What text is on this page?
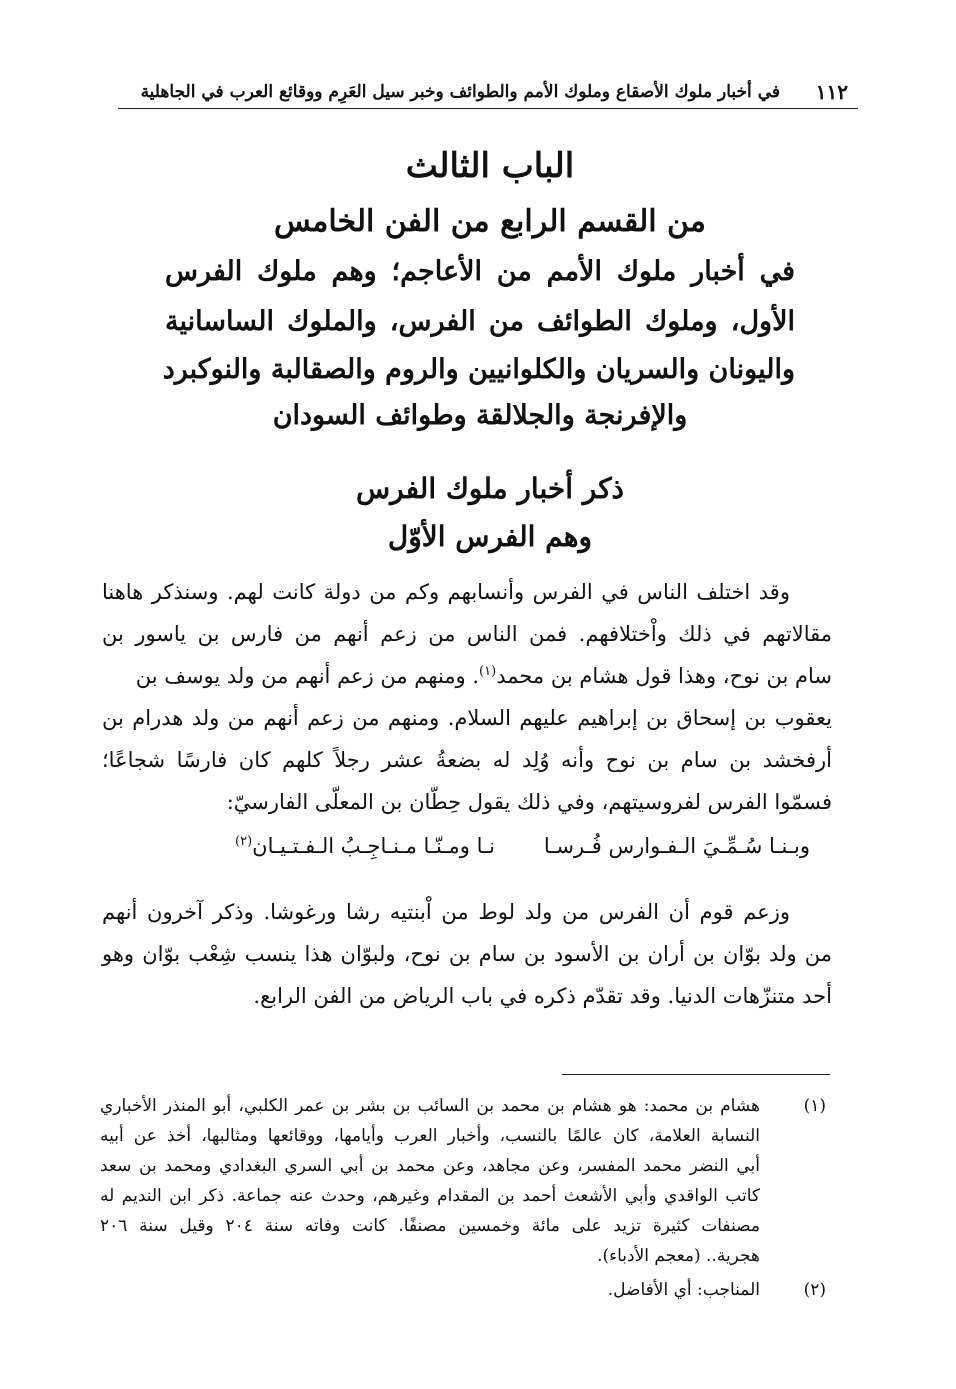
١١٢
في أخبار ملوك الأصقاع وملوك الأمم والطوائف وخبر سيل العَرِم ووقائع العرب في الجاهلية
الباب الثالث
من القسم الرابع من الفن الخامس
في أخبار ملوك الأمم من الأعاجم؛ وهم ملوك الفرس
الأول، وملوك الطوائف من الفرس، والملوك الساسانية
واليونان والسريان والكلوانيين والروم والصقالبة والنوكبرد
والإفرنجة والجلالقة وطوائف السودان
ذكر أخبار ملوك الفرس
وهم الفرس الأوّل
وقد اختلف الناس في الفرس وأنسابهم وكم من دولة كانت لهم. وسنذكر هاهنا
مقالاتهم في ذلك واْختلافهم. فمن الناس من زعم أنهم من فارس بن ياسور بن
سام بن نوح، وهذا قول هشام بن محمد$^{(١)}$. ومنهم من زعم أنهم من ولد يوسف بن
يعقوب بن إسحاق بن إبراهيم عليهم السلام. ومنهم من زعم أنهم من ولد هدرام بن
أرفخشد بن سام بن نوح وأنه وُلِد له بضعةُ عشر رجلاً كلهم كان فارسًا شجاعًا؛
فسمّوا الفرس لفروسيتهم، وفي ذلك يقول حِطّان بن المعلّى الفارسيّ:
وبـنـا سُـمِّـيَ الـفـوارس فُـرسـا
نـا ومـنّـا مـنـاجِـبُ الـفـتـيـان$^{(٢)}$
وزعم قوم أن الفرس من ولد لوط من اْبنتيه رشا ورغوشا. وذكر آخرون أنهم
من ولد بوّان بن أران بن الأسود بن سام بن نوح، ولبوّان هذا ينسب شِعْب بوّان وهو
أحد متنزّهات الدنيا. وقد تقدّم ذكره في باب الرياض من الفن الرابع.
(١)
هشام بن محمد: هو هشام بن محمد بن السائب بن بشر بن عمر الكلبي، أبو المنذر الأخباري
النسابة العلامة، كان عالمًا بالنسب، وأخبار العرب وأيامها، ووقائعها ومثالبها، أخذ عن أبيه
أبي النضر محمد المفسر، وعن مجاهد، وعن محمد بن أبي السري البغدادي ومحمد بن سعد
كاتب الواقدي وأبي الأشعث أحمد بن المقدام وغيرهم، وحدث عنه جماعة. ذكر ابن النديم له
مصنفات كثيرة تزيد على مائة وخمسين مصنفًا. كانت وفاته سنة ٢٠٤ وقيل سنة ٢٠٦
هجرية.. (معجم الأدباء).
(٢)
المناجب: أي الأفاضل.
